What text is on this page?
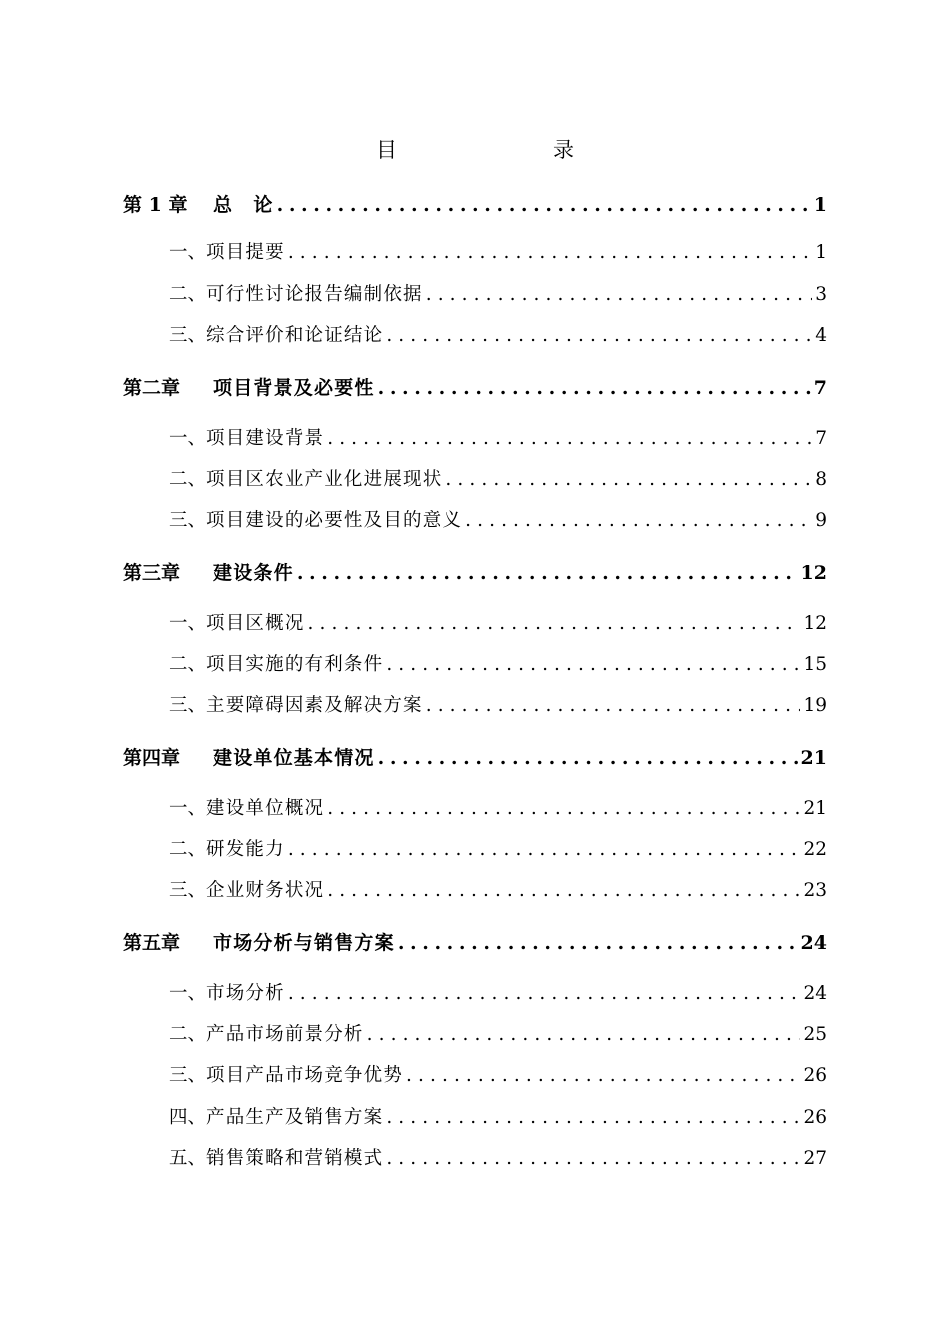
目　　录
第 1 章	总　论 .....	1
一、 项目提要 .....	1
二、 可行性讨论报告编制依据 .....	3
三、 综合评价和论证结论 .....	4
第二章	项目背景及必要性 .....	7
一、 项目建设背景 .....	7
二、 项目区农业产业化进展现状 .....	8
三、 项目建设的必要性及目的意义 .....	9
第三章	建设条件 .....	12
一、 项目区概况 .....	12
二、 项目实施的有利条件 .....	15
三、 主要障碍因素及解决方案 .....	19
第四章	建设单位基本情况 .....	21
一、 建设单位概况 .....	21
二、 研发能力 .....	22
三、 企业财务状况 .....	23
第五章	市场分析与销售方案 .....	24
一、 市场分析 .....	24
二、 产品市场前景分析 .....	25
三、 项目产品市场竞争优势 .....	26
四、 产品生产及销售方案 .....	26
五、 销售策略和营销模式 .....	27
